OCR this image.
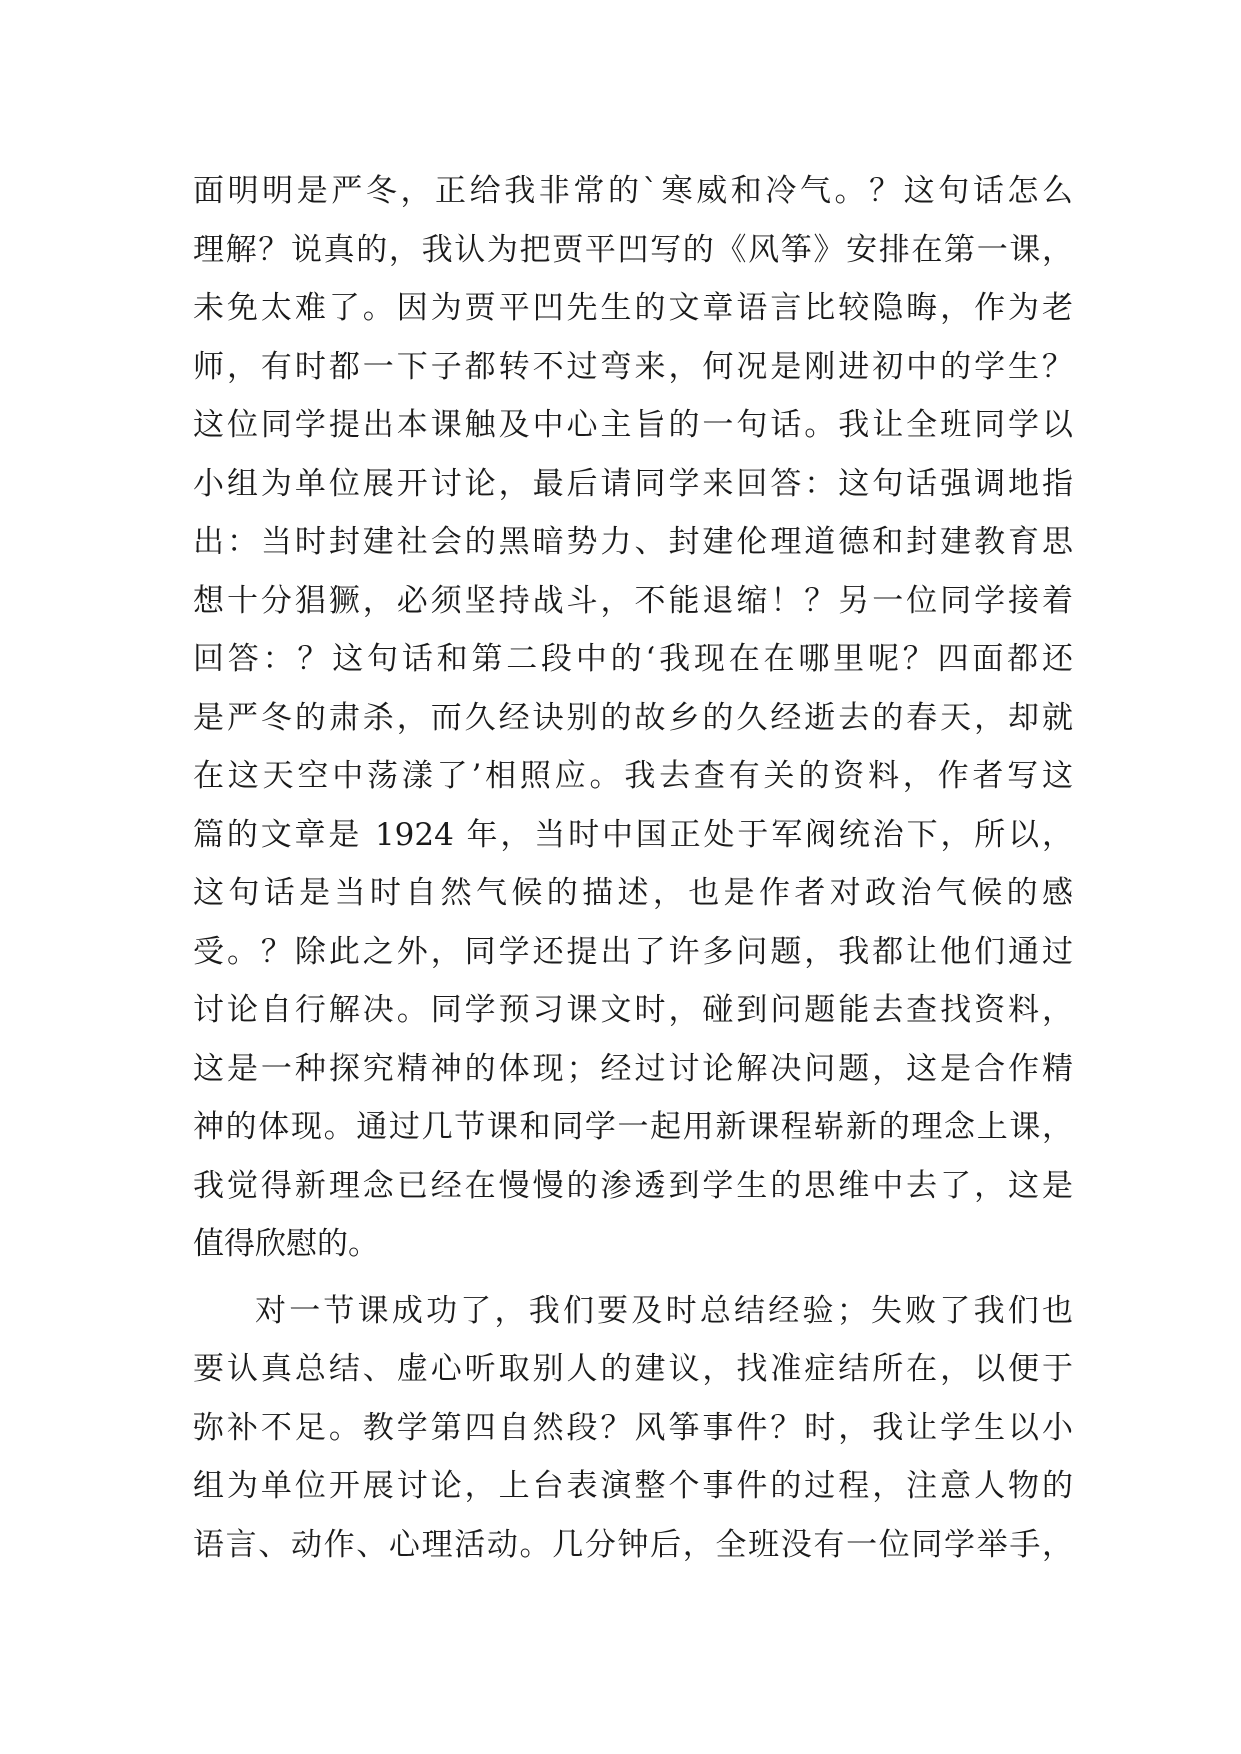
面明明是严冬，正给我非常的`寒威和冷气。？这句话怎么
理解？说真的，我认为把贾平凹写的《风筝》安排在第一课，
未免太难了。因为贾平凹先生的文章语言比较隐晦，作为老
师，有时都一下子都转不过弯来，何况是刚进初中的学生？
这位同学提出本课触及中心主旨的一句话。我让全班同学以
小组为单位展开讨论，最后请同学来回答：这句话强调地指
出：当时封建社会的黑暗势力、封建伦理道德和封建教育思
想十分猖獗，必须坚持战斗，不能退缩！？另一位同学接着
回答：？这句话和第二段中的‘我现在在哪里呢？四面都还
是严冬的肃杀，而久经诀别的故乡的久经逝去的春天，却就
在这天空中荡漾了’相照应。我去查有关的资料，作者写这
篇的文章是 1924 年，当时中国正处于军阀统治下，所以，
这句话是当时自然气候的描述，也是作者对政治气候的感
受。？除此之外，同学还提出了许多问题，我都让他们通过
讨论自行解决。同学预习课文时，碰到问题能去查找资料，
这是一种探究精神的体现；经过讨论解决问题，这是合作精
神的体现。通过几节课和同学一起用新课程崭新的理念上课，
我觉得新理念已经在慢慢的渗透到学生的思维中去了，这是
值得欣慰的。
对一节课成功了，我们要及时总结经验；失败了我们也
要认真总结、虚心听取别人的建议，找准症结所在，以便于
弥补不足。教学第四自然段？风筝事件？时，我让学生以小
组为单位开展讨论，上台表演整个事件的过程，注意人物的
语言、动作、心理活动。几分钟后，全班没有一位同学举手，
